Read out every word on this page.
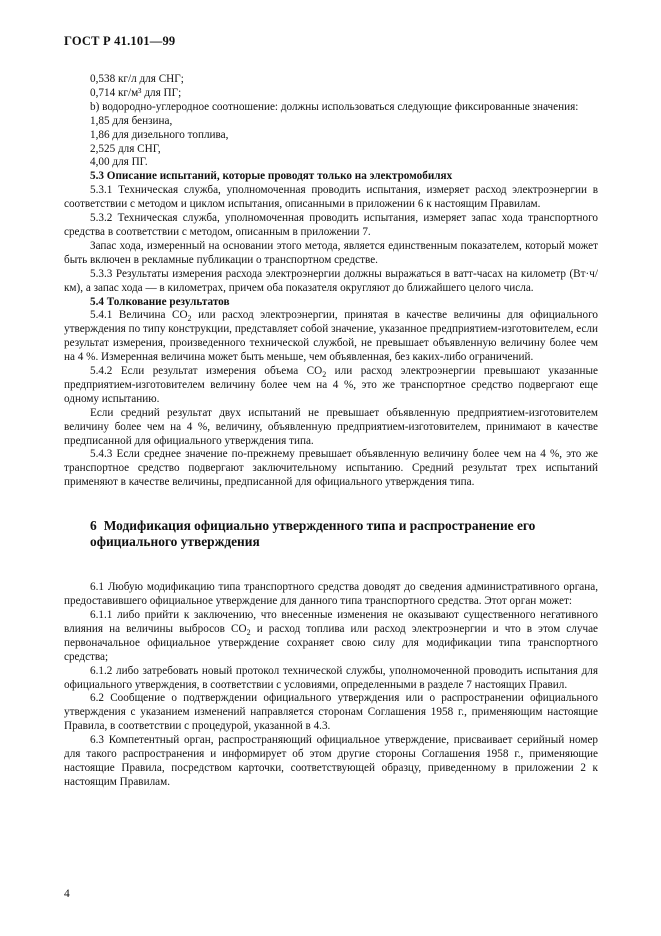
ГОСТ Р 41.101—99

0,538 кг/л для СНГ;

0,714 кг/м³ для ПГ;

b) водородно-углеродное соотношение: должны использоваться следующие фиксированные значения:

1,85 для бензина,

1,86 для дизельного топлива,

2,525 для СНГ,

4,00 для ПГ.

5.3 Описание испытаний, которые проводят только на электромобилях

5.3.1 Техническая служба, уполномоченная проводить испытания, измеряет расход электроэнергии в соответствии с методом и циклом испытания, описанными в приложении 6 к настоящим Правилам.

5.3.2 Техническая служба, уполномоченная проводить испытания, измеряет запас хода транспортного средства в соответствии с методом, описанным в приложении 7.

Запас хода, измеренный на основании этого метода, является единственным показателем, который может быть включен в рекламные публикации о транспортном средстве.

5.3.3 Результаты измерения расхода электроэнергии должны выражаться в ватт-часах на километр (Вт·ч/км), а запас хода — в километрах, причем оба показателя округляют до ближайшего целого числа.

5.4 Толкование результатов

5.4.1 Величина $CO_2$ или расход электроэнергии, принятая в качестве величины для официального утверждения по типу конструкции, представляет собой значение, указанное предприятием-изготовителем, если результат измерения, произведенного технической службой, не превышает объявленную величину более чем на 4 %. Измеренная величина может быть меньше, чем объявленная, без каких-либо ограничений.

5.4.2 Если результат измерения объема $CO_2$ или расход электроэнергии превышают указанные предприятием-изготовителем величину более чем на 4 %, это же транспортное средство подвергают еще одному испытанию.

Если средний результат двух испытаний не превышает объявленную предприятием-изготовителем величину более чем на 4 %, величину, объявленную предприятием-изготовителем, принимают в качестве предписанной для официального утверждения типа.

5.4.3 Если среднее значение по-прежнему превышает объявленную величину более чем на 4 %, это же транспортное средство подвергают заключительному испытанию. Средний результат трех испытаний применяют в качестве величины, предписанной для официального утверждения типа.

6 Модификация официально утвержденного типа и распространение его официального утверждения

6.1 Любую модификацию типа транспортного средства доводят до сведения административного органа, предоставившего официальное утверждение для данного типа транспортного средства. Этот орган может:

6.1.1 либо прийти к заключению, что внесенные изменения не оказывают существенного негативного влияния на величины выбросов $CO_2$ и расход топлива или расход электроэнергии и что в этом случае первоначальное официальное утверждение сохраняет свою силу для модификации типа транспортного средства;

6.1.2 либо затребовать новый протокол технической службы, уполномоченной проводить испытания для официального утверждения, в соответствии с условиями, определенными в разделе 7 настоящих Правил.

6.2 Сообщение о подтверждении официального утверждения или о распространении официального утверждения с указанием изменений направляется сторонам Соглашения 1958 г., применяющим настоящие Правила, в соответствии с процедурой, указанной в 4.3.

6.3 Компетентный орган, распространяющий официальное утверждение, присваивает серийный номер для такого распространения и информирует об этом другие стороны Соглашения 1958 г., применяющие настоящие Правила, посредством карточки, соответствующей образцу, приведенному в приложении 2 к настоящим Правилам.

4
